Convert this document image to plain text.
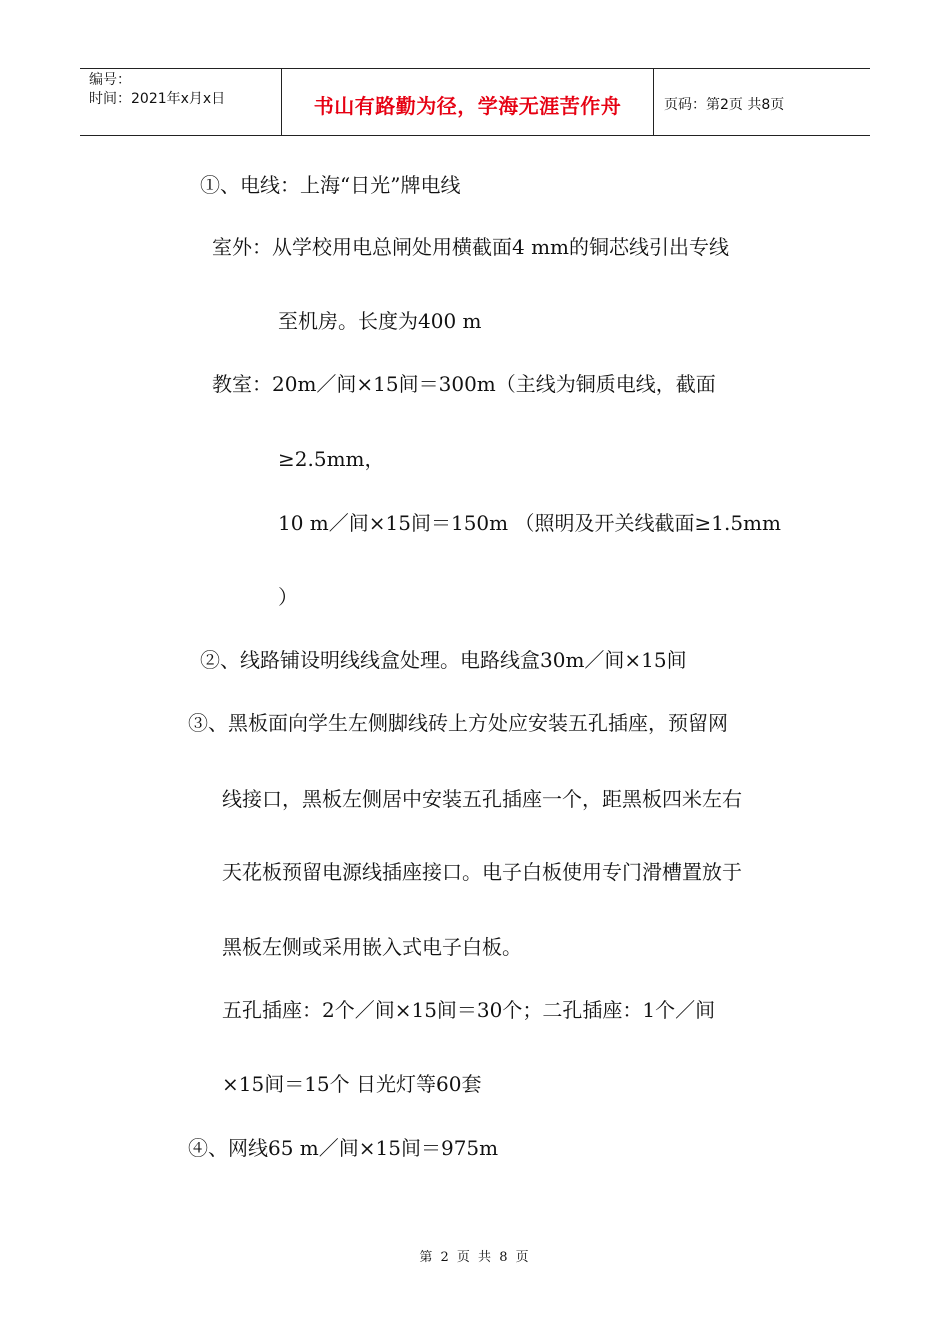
编号：
时间：2021年x月x日	书山有路勤为径，学海无涯苦作舟	页码：第2页 共8页
①、电线：上海“日光”牌电线
室外：从学校用电总闸处用横截面4 mm的铜芯线引出专线
至机房。长度为400 m
教室：20m／间×15间＝300m（主线为铜质电线，截面
≥2.5mm，
10 m／间×15间＝150m （照明及开关线截面≥1.5mm
）
②、线路铺设明线线盒处理。电路线盒30m／间×15间
③、黑板面向学生左侧脚线砖上方处应安装五孔插座，预留网
线接口，黑板左侧居中安装五孔插座一个，距黑板四米左右
天花板预留电源线插座接口。电子白板使用专门滑槽置放于
黑板左侧或采用嵌入式电子白板。
五孔插座：2个／间×15间＝30个；二孔插座：1个／间
×15间＝15个 日光灯等60套
④、网线65 m／间×15间＝975m
第 2 页 共 8 页
